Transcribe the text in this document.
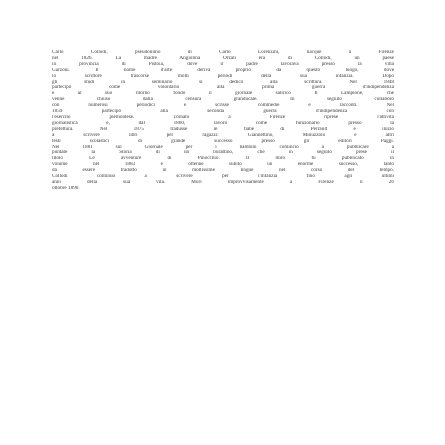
Carlo Collodi, pseudonimo di Carlo Lorenzini, nacque a Firenze
nel 1826. La madre Angiolina Orzali era di Collodi, un paese
in provincia di Pistoia, dove il padre lavorava presso la villa
Garzoni. Il nome d'arte deriva proprio da questo luogo, dove
lo scrittore trascorse molti periodi della sua infanzia. Dopo
gli studi in seminario si dedicò alla scrittura. Nel 1848
partecipò come volontario alla prima guerra d'indipendenza
e al suo ritorno fondò il giornale satirico Il Lampione, che
venne chiuso dalla censura granducale. In seguito collaborò
con numerosi periodici e scrisse commedie e racconti. Nel
1859 partecipò alla seconda guerra d'indipendenza con
l'esercito piemontese. Tornato a Firenze riprese l'attività
giornalistica e, dal 1860, lavorò come funzionario presso la
prefettura. Nel 1875 tradusse le fiabe di Perrault e iniziò
a scrivere libri per ragazzi: Giannettino, Minuzzolo e altri
testi scolastici di grande successo presso gli editori Paggi.
Nel 1881 sul Giornale per i bambini cominciò a pubblicare a
puntate la Storia di un burattino, che in seguito prese il
titolo Le avventure di Pinocchio. Il libro fu pubblicato in
volume nel 1883 e ottenne subito un enorme successo, tanto
da essere tradotto in moltissime lingue nel corso del tempo.
Collodi continuò a scrivere per l'infanzia fino agli ultimi
anni della sua vita. Morì improvvisamente a Firenze il 26
ottobre 1890.
